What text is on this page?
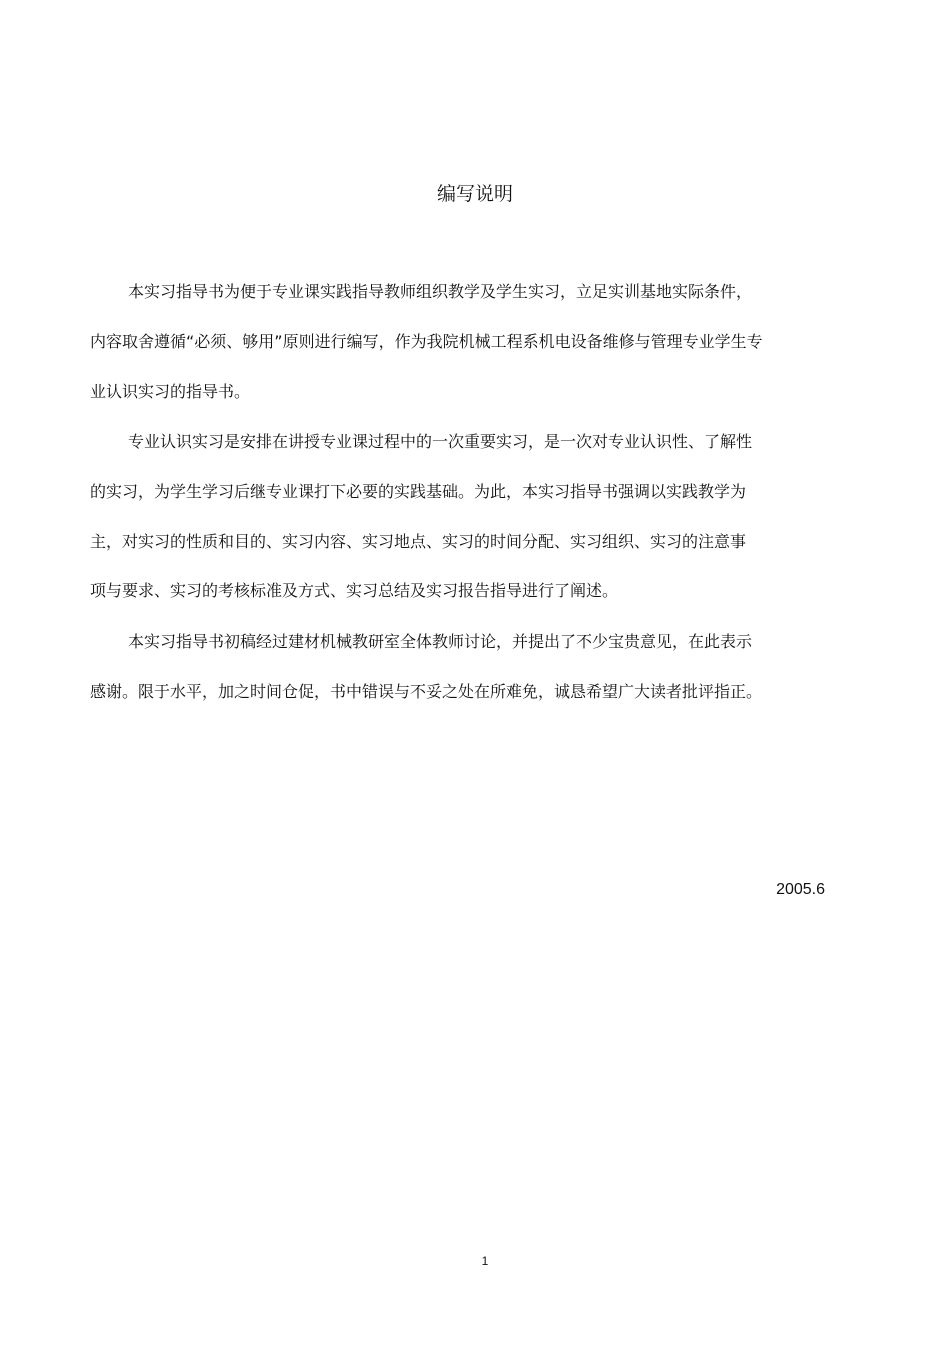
编写说明
本实习指导书为便于专业课实践指导教师组织教学及学生实习，立足实训基地实际条件，
内容取舍遵循“必须、够用”原则进行编写，作为我院机械工程系机电设备维修与管理专业学生专
业认识实习的指导书。
专业认识实习是安排在讲授专业课过程中的一次重要实习，是一次对专业认识性、了解性
的实习，为学生学习后继专业课打下必要的实践基础。为此，本实习指导书强调以实践教学为
主，对实习的性质和目的、实习内容、实习地点、实习的时间分配、实习组织、实习的注意事
项与要求、实习的考核标准及方式、实习总结及实习报告指导进行了阐述。
本实习指导书初稿经过建材机械教研室全体教师讨论，并提出了不少宝贵意见，在此表示
感谢。限于水平，加之时间仓促，书中错误与不妥之处在所难免，诚恳希望广大读者批评指正。
2005.6
1
